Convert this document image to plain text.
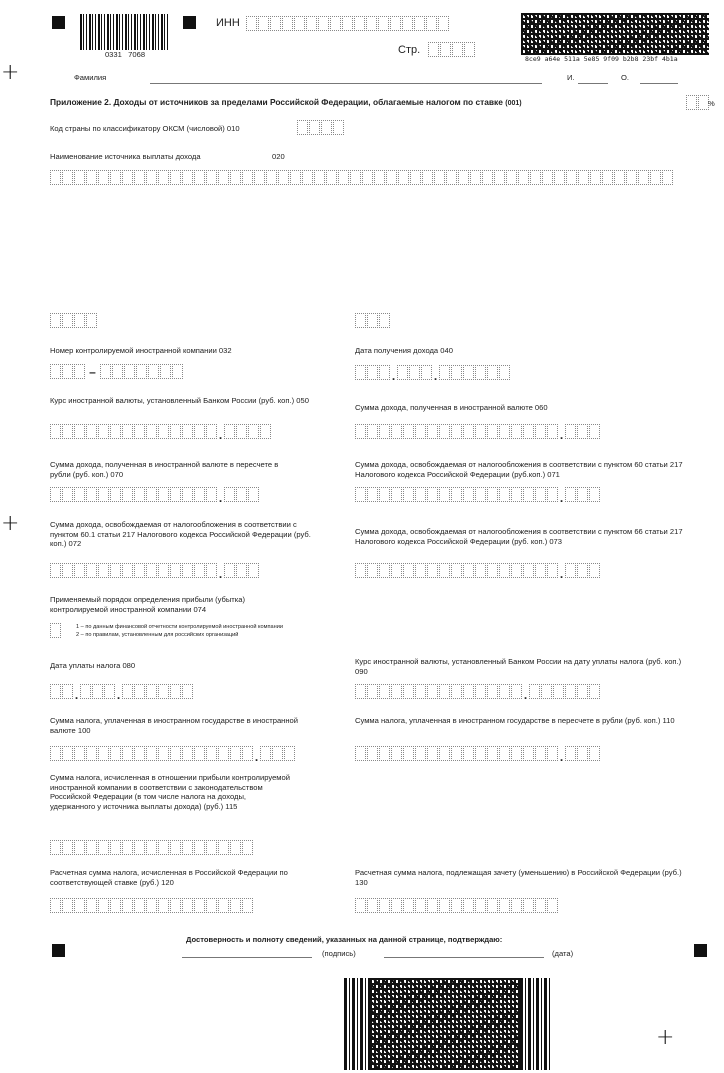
+
+
+
0331   7068
ИНН
Стр.
8ce9 a64e 511a 5e85 9f09 b2b8 23bf 4b1a
Фамилия	И.	О.
Приложение 2. Доходы от источников за пределами Российской Федерации, облагаемые налогом по ставке (001)	%
Код страны по классификатору ОКСМ (числовой) 010
Наименование источника выплаты дохода	020
Номер контролируемой иностранной компании 032
–
Дата получения дохода 040
.	.
Курс иностранной валюты, установленный Банком России (руб. коп.) 050
.
Сумма дохода, полученная в иностранной валюте 060
.
Сумма дохода, полученная в иностранной валюте в пересчете в рубли (руб. коп.) 070
.
Сумма дохода, освобождаемая от налогообложения в соответствии с пунктом 60 статьи 217 Налогового кодекса Российской Федерации (руб.коп.) 071
.
Сумма дохода, освобождаемая от налогообложения в соответствии с пунктом 60.1 статьи 217 Налогового кодекса Российской Федерации (руб. коп.) 072
.
Сумма дохода, освобождаемая от налогообложения в соответствии с пунктом 66 статьи 217 Налогового кодекса Российской Федерации (руб. коп.) 073
.
Применяемый порядок определения прибыли (убытка) контролируемой иностранной компании 074
1 – по данным финансовой отчетности контролируемой иностранной компании
2 – по правилам, установленным для российских организаций
Дата уплаты налога 080
.	.
Курс иностранной валюты, установленный Банком России на дату уплаты налога (руб. коп.) 090
.
Сумма налога, уплаченная в иностранном государстве в иностранной валюте 100
.
Сумма налога, уплаченная в иностранном государстве в пересчете в рубли (руб. коп.) 110
.
Сумма налога, исчисленная в отношении прибыли контролируемой иностранной компании в соответствии с законодательством Российской Федерации (в том числе налога на доходы, удержанного у источника выплаты дохода) (руб.) 115
Расчетная сумма налога, исчисленная в Российской Федерации по соответствующей ставке (руб.) 120
Расчетная сумма налога, подлежащая зачету (уменьшению) в Российской Федерации (руб.) 130
Достоверность и полноту сведений, указанных на данной странице, подтверждаю:
(подпись)	(дата)
